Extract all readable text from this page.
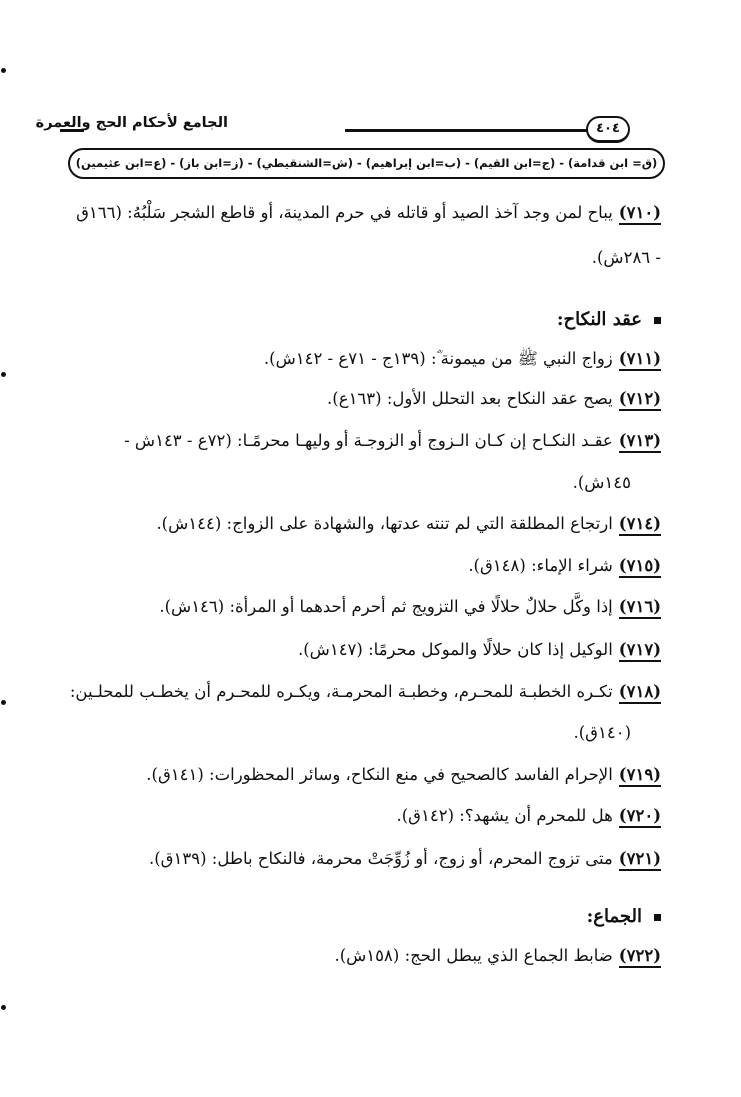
الجامع لأحكام الحج والعمرة	٤٠٤
(ق= ابن قدامة) - (ج=ابن القيم) - (ب=ابن إبراهيم) - (ش=الشنقيطي) - (ز=ابن باز) - (ع=ابن عثيمين)
(٧١٠)يباح لمن وجد آخذ الصيد أو قاتله في حرم المدينة، أو قاطع الشجر سَلْبُهُ: (١٦٦ق
- ٢٨٦ش).
عقد النكاح:
(٧١١)زواج النبي ﷺ من ميمونة ؓ: (١٣٩ج - ٧١ع - ١٤٢ش).
(٧١٢)يصح عقد النكاح بعد التحلل الأول: (١٦٣ع).
(٧١٣)عقـد النكـاح إن كـان الـزوج أو الزوجـة أو وليهـا محرمًـا: (٧٢ع - ١٤٣ش -
١٤٥ش).
(٧١٤)ارتجاع المطلقة التي لم تنته عدتها، والشهادة على الزواج: (١٤٤ش).
(٧١٥)شراء الإماء: (١٤٨ق).
(٧١٦)إذا وكَّل حلالٌ حلالًا في التزويج ثم أحرم أحدهما أو المرأة: (١٤٦ش).
(٧١٧)الوكيل إذا كان حلالًا والموكل محرمًا: (١٤٧ش).
(٧١٨)تكـره الخطبـة للمحـرم، وخطبـة المحرمـة، ويكـره للمحـرم أن يخطـب للمحلـين:
(١٤٠ق).
(٧١٩)الإحرام الفاسد كالصحيح في منع النكاح، وسائر المحظورات: (١٤١ق).
(٧٢٠)هل للمحرم أن يشهد؟: (١٤٢ق).
(٧٢١)متى تزوج المحرم، أو زوج، أو زُوِّجَتْ محرمة، فالنكاح باطل: (١٣٩ق).
الجماع:
(٧٢٢)ضابط الجماع الذي يبطل الحج: (١٥٨ش).
